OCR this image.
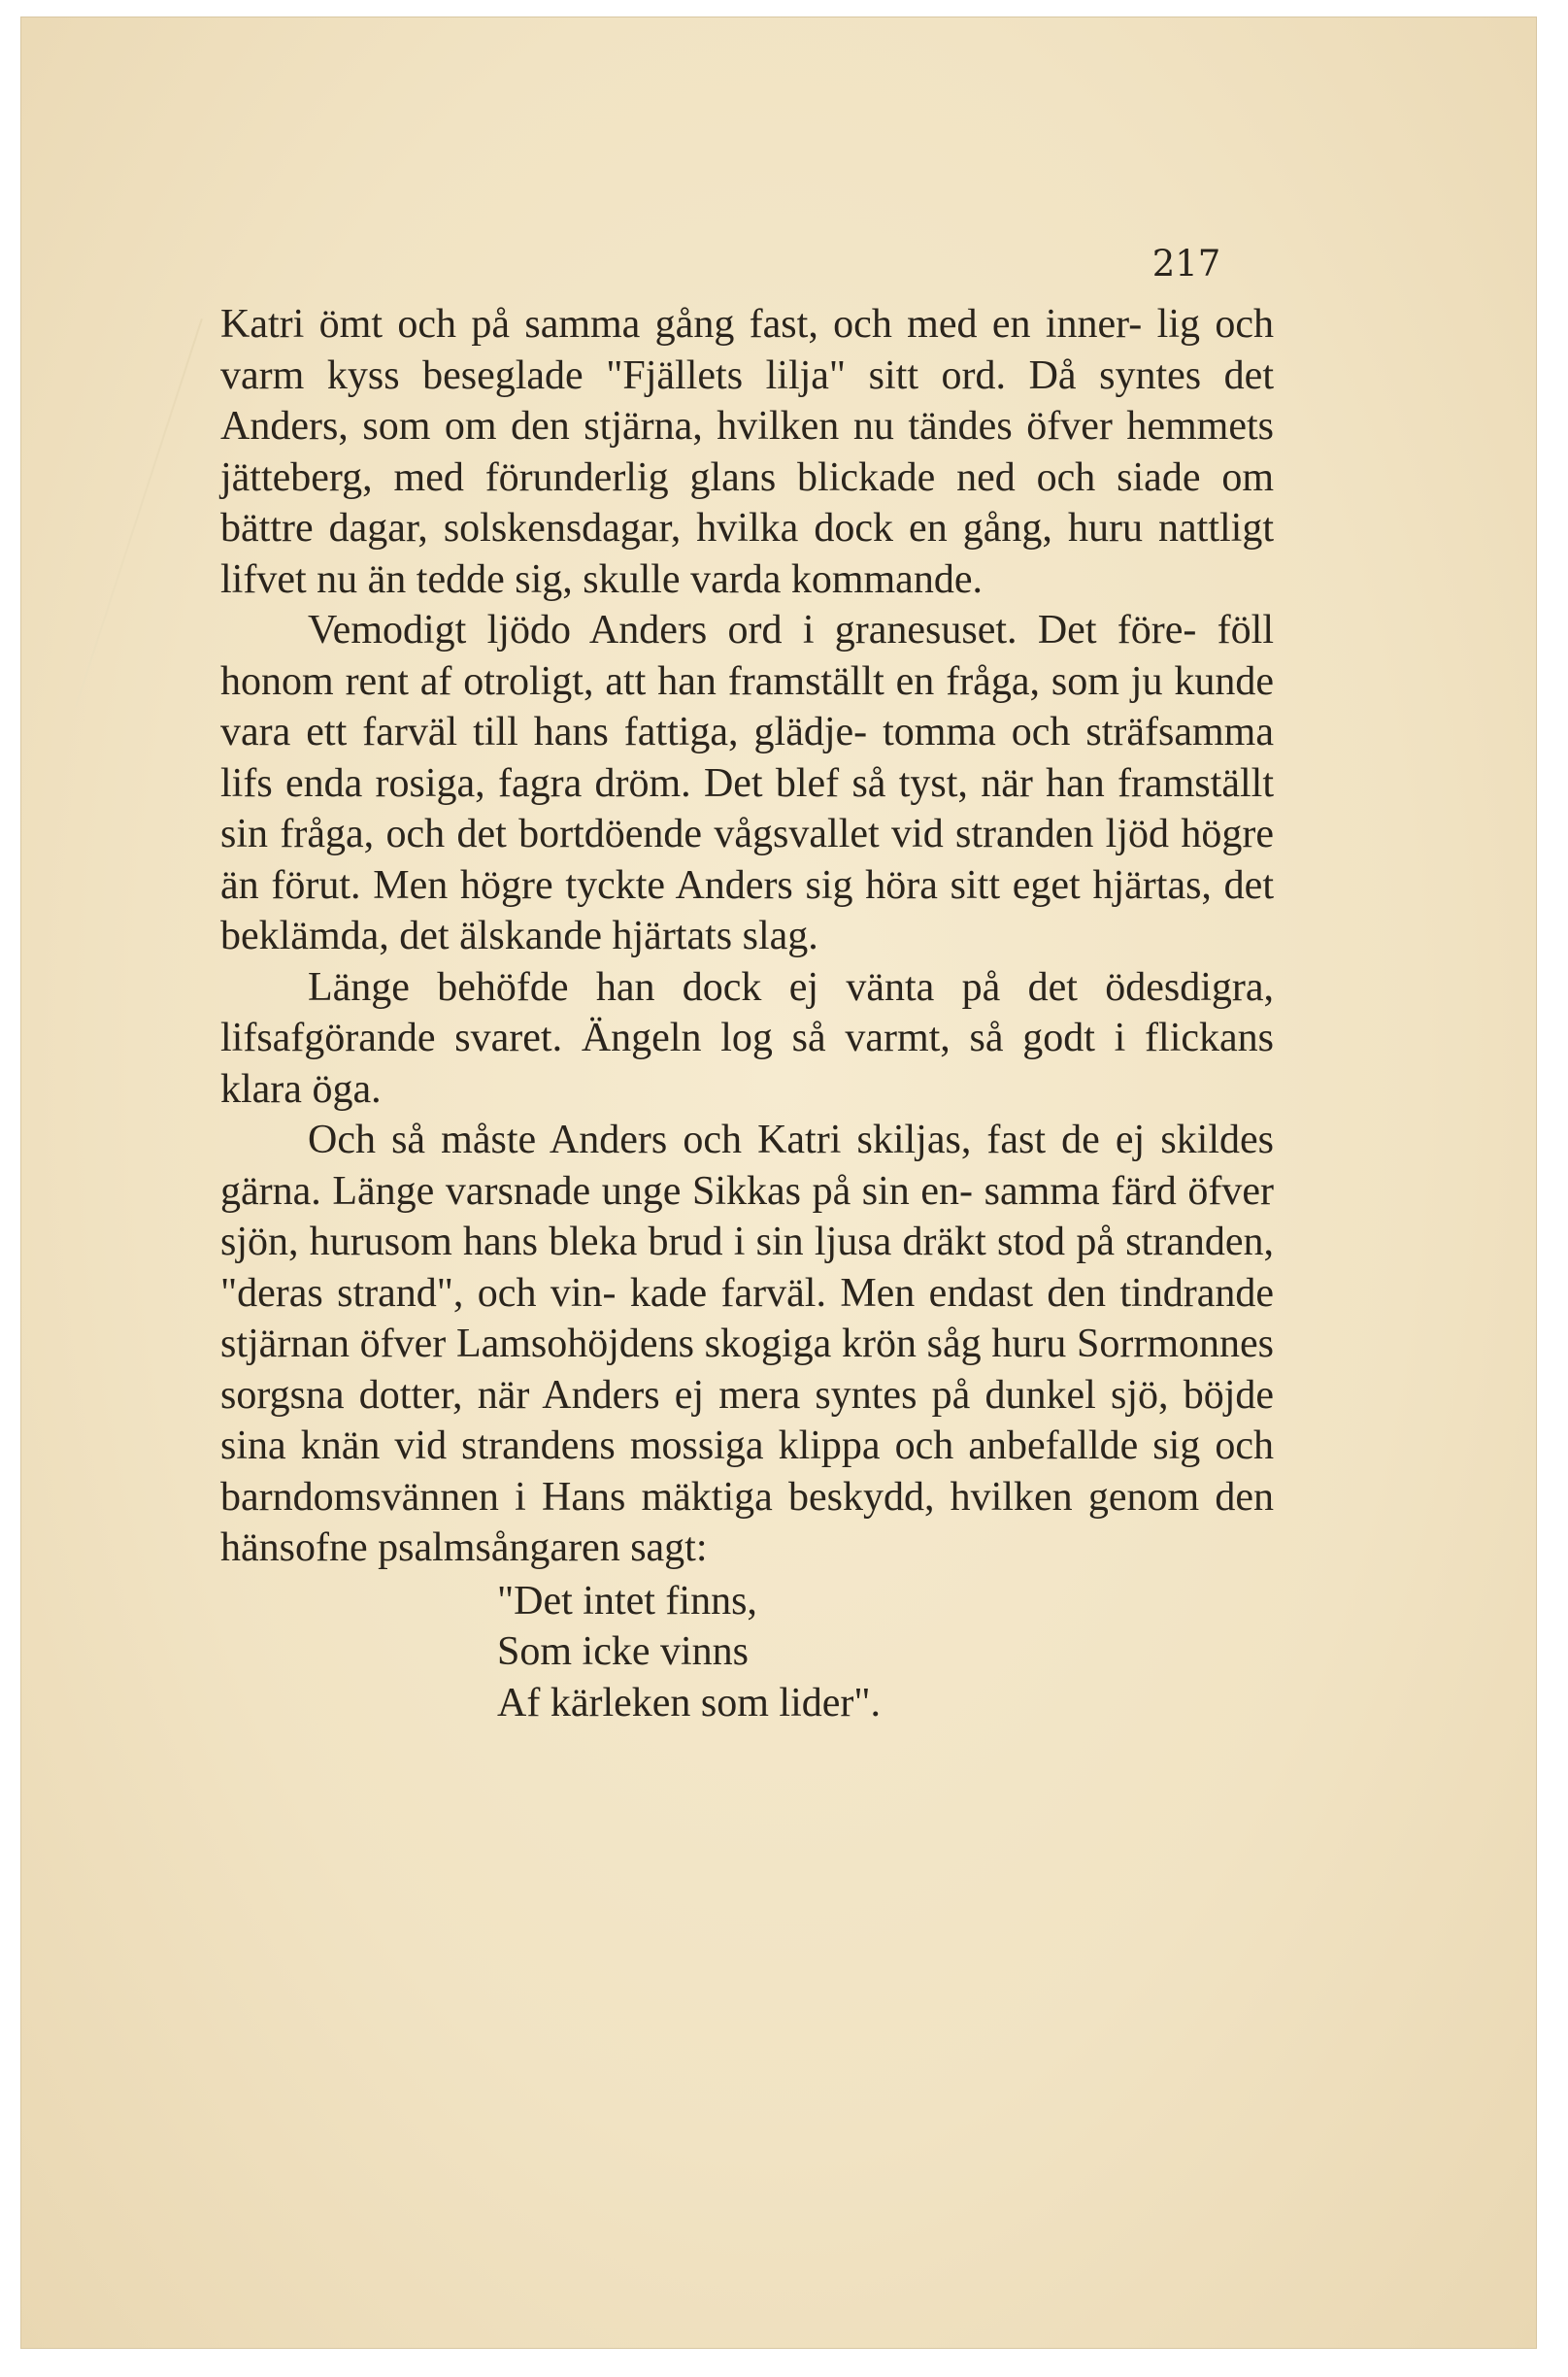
217

Katri ömt och på samma gång fast, och med en inner- lig och varm kyss beseglade "Fjällets lilja" sitt ord. Då syntes det Anders, som om den stjärna, hvilken nu tändes öfver hemmets jätteberg, med förunderlig glans blickade ned och siade om bättre dagar, solskensdagar, hvilka dock en gång, huru nattligt lifvet nu än tedde sig, skulle varda kommande.

Vemodigt ljödo Anders ord i granesuset. Det före- föll honom rent af otroligt, att han framställt en fråga, som ju kunde vara ett farväl till hans fattiga, glädje- tomma och sträfsamma lifs enda rosiga, fagra dröm. Det blef så tyst, när han framställt sin fråga, och det bortdöende vågsvallet vid stranden ljöd högre än förut. Men högre tyckte Anders sig höra sitt eget hjärtas, det beklämda, det älskande hjärtats slag.

Länge behöfde han dock ej vänta på det ödesdigra, lifsafgörande svaret. Ängeln log så varmt, så godt i flickans klara öga.

Och så måste Anders och Katri skiljas, fast de ej skildes gärna. Länge varsnade unge Sikkas på sin en- samma färd öfver sjön, hurusom hans bleka brud i sin ljusa dräkt stod på stranden, "deras strand", och vin- kade farväl. Men endast den tindrande stjärnan öfver Lamsohöjdens skogiga krön såg huru Sorrmonnes sorgsna dotter, när Anders ej mera syntes på dunkel sjö, böjde sina knän vid strandens mossiga klippa och anbefallde sig och barndomsvännen i Hans mäktiga beskydd, hvilken genom den hänsofne psalmsångaren sagt:

"Det intet finns,
Som icke vinns
Af kärleken som lider".
